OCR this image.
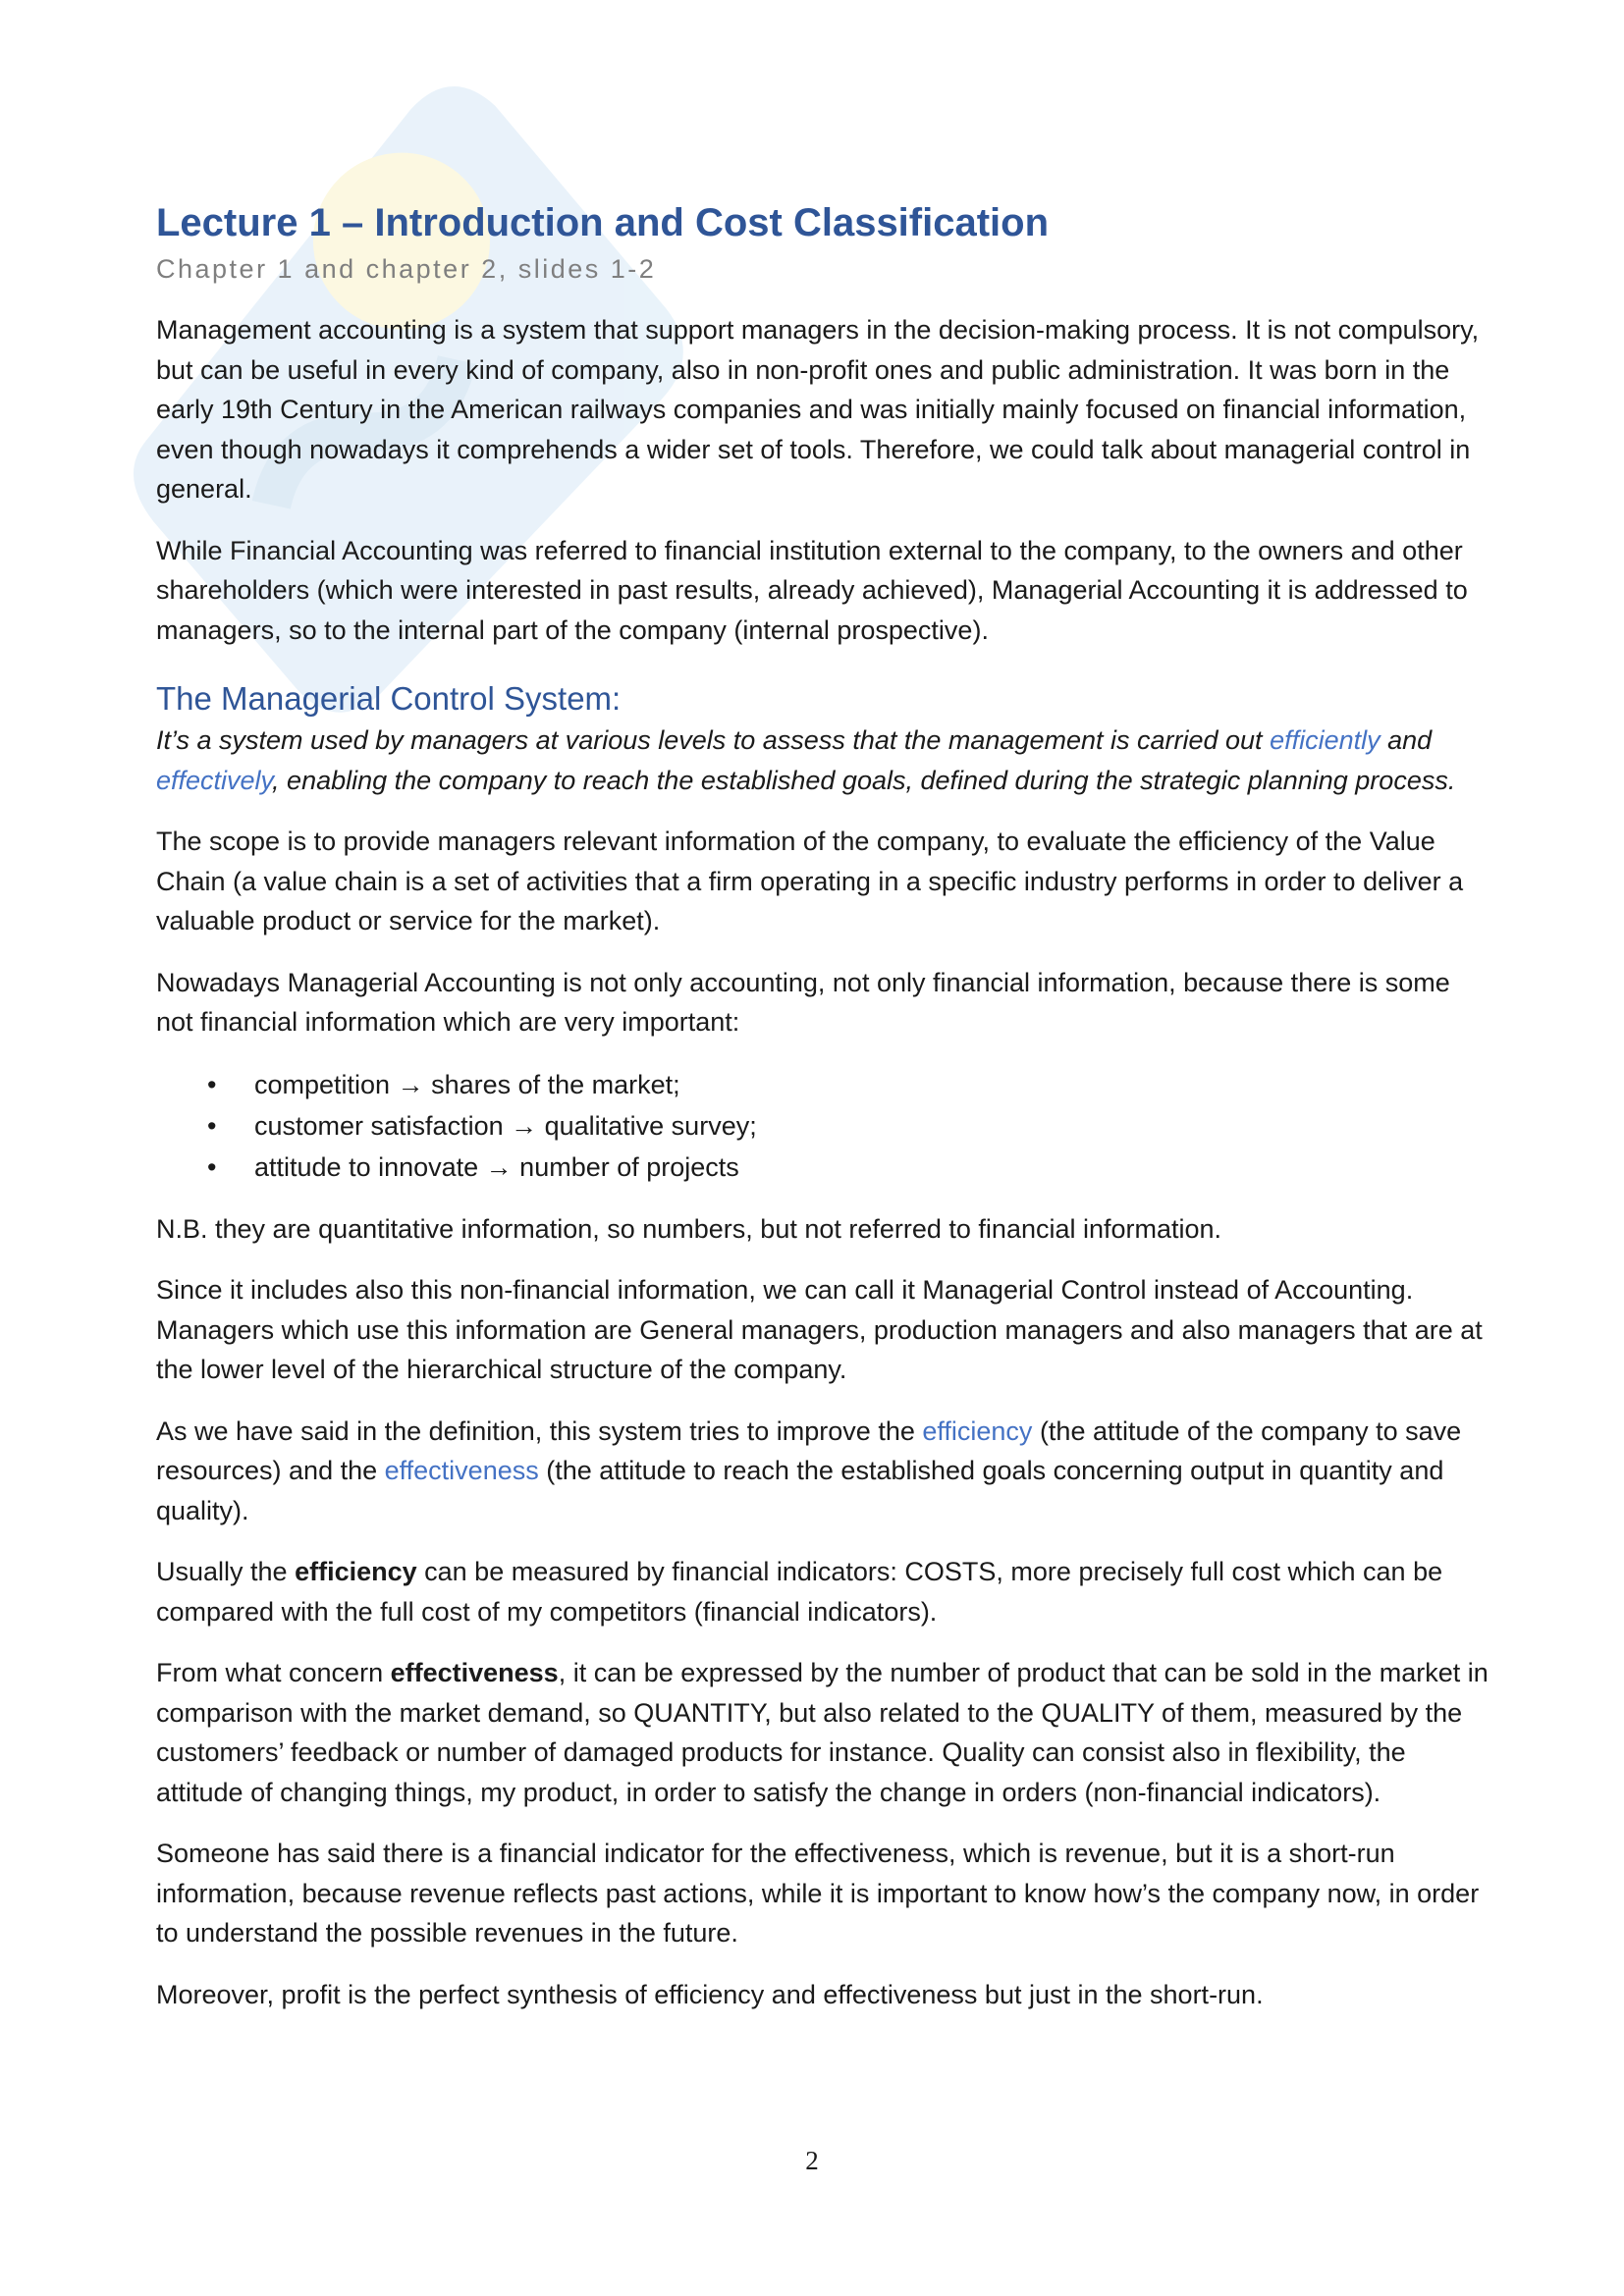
Lecture 1 – Introduction and Cost Classification
Chapter 1 and chapter 2, slides 1-2

Management accounting is a system that support managers in the decision-making process. It is not compulsory, but can be useful in every kind of company, also in non-profit ones and public administration. It was born in the early 19th Century in the American railways companies and was initially mainly focused on financial information, even though nowadays it comprehends a wider set of tools. Therefore, we could talk about managerial control in general.

While Financial Accounting was referred to financial institution external to the company, to the owners and other shareholders (which were interested in past results, already achieved), Managerial Accounting it is addressed to managers, so to the internal part of the company (internal prospective).

The Managerial Control System:

It’s a system used by managers at various levels to assess that the management is carried out efficiently and effectively, enabling the company to reach the established goals, defined during the strategic planning process.

The scope is to provide managers relevant information of the company, to evaluate the efficiency of the Value Chain (a value chain is a set of activities that a firm operating in a specific industry performs in order to deliver a valuable product or service for the market).

Nowadays Managerial Accounting is not only accounting, not only financial information, because there is some not financial information which are very important:

• competition → shares of the market;
• customer satisfaction → qualitative survey;
• attitude to innovate → number of projects

N.B. they are quantitative information, so numbers, but not referred to financial information.

Since it includes also this non-financial information, we can call it Managerial Control instead of Accounting. Managers which use this information are General managers, production managers and also managers that are at the lower level of the hierarchical structure of the company.

As we have said in the definition, this system tries to improve the efficiency (the attitude of the company to save resources) and the effectiveness (the attitude to reach the established goals concerning output in quantity and quality).

Usually the efficiency can be measured by financial indicators: COSTS, more precisely full cost which can be compared with the full cost of my competitors (financial indicators).

From what concern effectiveness, it can be expressed by the number of product that can be sold in the market in comparison with the market demand, so QUANTITY, but also related to the QUALITY of them, measured by the customers’ feedback or number of damaged products for instance. Quality can consist also in flexibility, the attitude of changing things, my product, in order to satisfy the change in orders (non-financial indicators).

Someone has said there is a financial indicator for the effectiveness, which is revenue, but it is a short-run information, because revenue reflects past actions, while it is important to know how’s the company now, in order to understand the possible revenues in the future.

Moreover, profit is the perfect synthesis of efficiency and effectiveness but just in the short-run.

2
